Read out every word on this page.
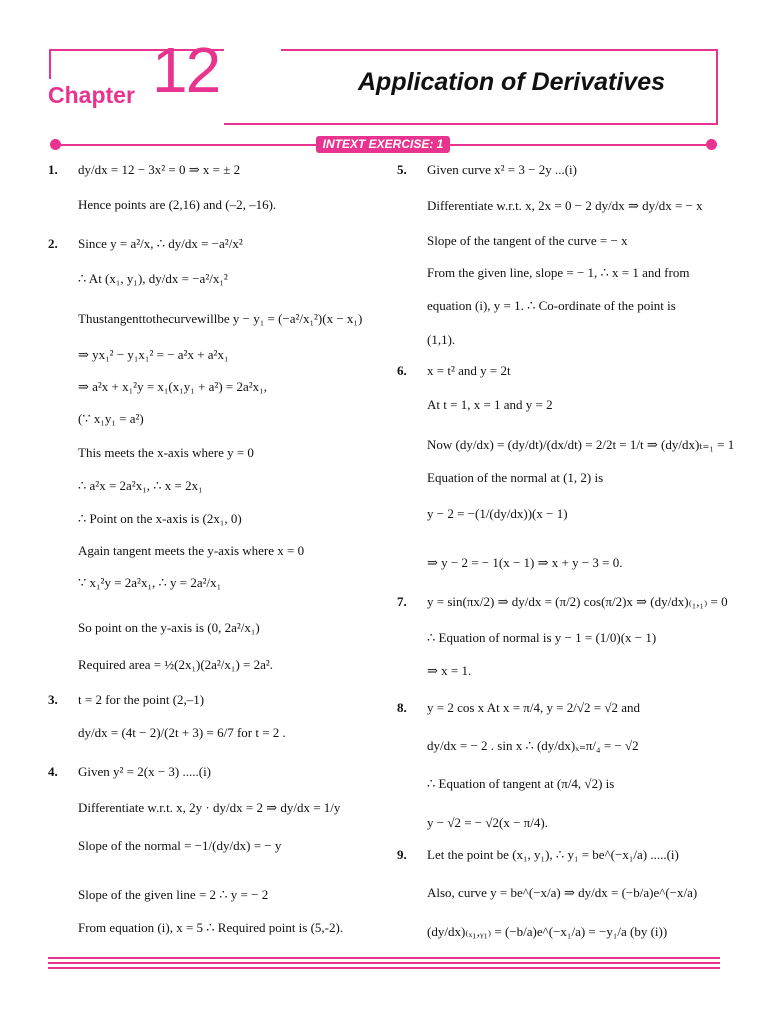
Chapter 12	Application of Derivatives
INTEXT EXERCISE: 1
1. dy/dx = 12 − 3x² = 0 ⇒ x = ± 2
Hence points are (2,16) and (–2, –16).
2. Since y = a²/x, ∴ dy/dx = −a²/x²
∴ At (x₁, y₁), dy/dx = −a²/x₁²
Thustangenttothecurvewillbe y − y₁ = (−a²/x₁²)(x − x₁)
⇒ yx₁² − y₁x₁² = − a²x + a²x₁
⇒ a²x + x₁²y = x₁(x₁y₁ + a²) = 2a²x₁,
(∵ x₁y₁ = a²)
This meets the x-axis where y = 0
∴ a²x = 2a²x₁, ∴ x = 2x₁
∴ Point on the x-axis is (2x₁, 0)
Again tangent meets the y-axis where x = 0
∵ x₁²y = 2a²x₁, ∴ y = 2a²/x₁
So point on the y-axis is (0, 2a²/x₁)
Required area = ½(2x₁)(2a²/x₁) = 2a².
3. t = 2 for the point (2,–1)
dy/dx = (4t − 2)/(2t + 3) = 6/7 for t = 2 .
4. Given y² = 2(x − 3) .....(i)
Differentiate w.r.t. x, 2y · dy/dx = 2 ⇒ dy/dx = 1/y
Slope of the normal = −1/(dy/dx) = − y
Slope of the given line = 2 ∴ y = − 2
From equation (i), x = 5 ∴ Required point is (5,-2).
5. Given curve x² = 3 − 2y ...(i)
Differentiate w.r.t. x, 2x = 0 − 2 dy/dx ⇒ dy/dx = − x
Slope of the tangent of the curve = − x
From the given line, slope = − 1, ∴ x = 1 and from
equation (i), y = 1. ∴ Co-ordinate of the point is
(1,1).
6. x = t² and y = 2t
At t = 1, x = 1 and y = 2
Now (dy/dx) = (dy/dt)/(dx/dt) = 2/2t = 1/t ⇒ (dy/dx)ₜ₌₁ = 1
Equation of the normal at (1, 2) is
y − 2 = −(1/(dy/dx))(x − 1)
⇒ y − 2 = − 1(x − 1) ⇒ x + y − 3 = 0.
7. y = sin(πx/2) ⇒ dy/dx = (π/2) cos(π/2)x ⇒ (dy/dx)₍₁,₁₎ = 0
∴ Equation of normal is y − 1 = (1/0)(x − 1)
⇒ x = 1.
8. y = 2 cos x At x = π/4, y = 2/√2 = √2 and
dy/dx = − 2 . sin x ∴ (dy/dx)ₓ₌π/₄ = − √2
∴ Equation of tangent at (π/4, √2) is
y − √2 = − √2(x − π/4).
9. Let the point be (x₁, y₁), ∴ y₁ = be^(−x₁/a) .....(i)
Also, curve y = be^(−x/a) ⇒ dy/dx = (−b/a)e^(−x/a)
(dy/dx)₍ₓ₁,ᵧ₁₎ = (−b/a)e^(−x₁/a) = −y₁/a (by (i))
